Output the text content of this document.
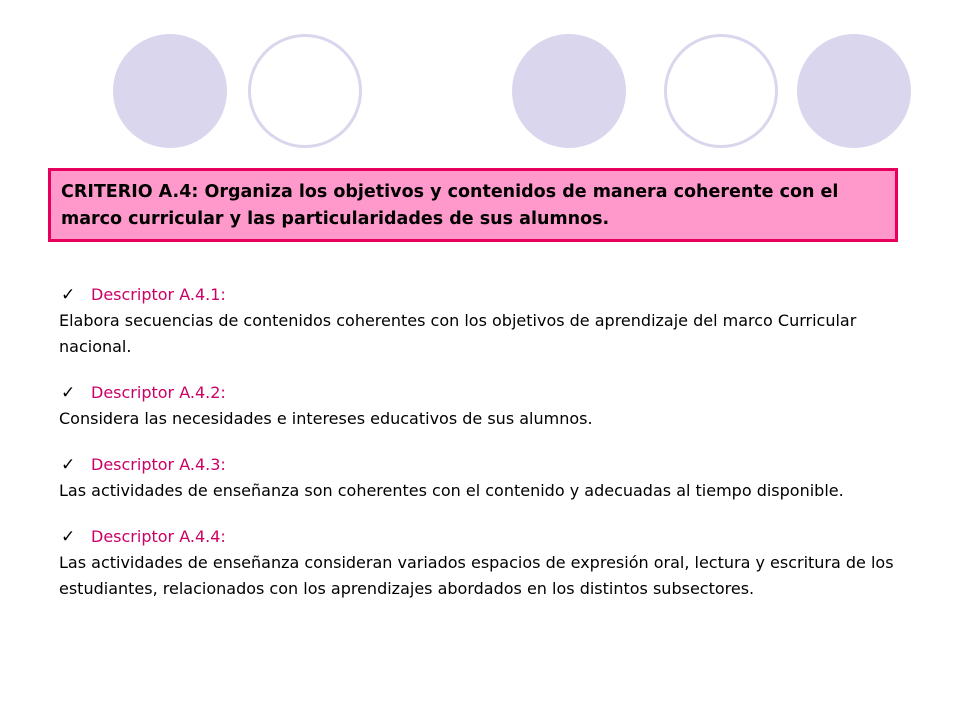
CRITERIO A.4: Organiza los objetivos y contenidos de manera coherente con el marco curricular y las particularidades de sus alumnos.

✓ Descriptor A.4.1:

Elabora secuencias de contenidos coherentes con los objetivos de aprendizaje del marco Curricular nacional.

✓ Descriptor A.4.2:

Considera las necesidades e intereses educativos de sus alumnos.

✓ Descriptor A.4.3:

Las actividades de enseñanza son coherentes con el contenido y adecuadas al tiempo disponible.

✓ Descriptor A.4.4:

Las actividades de enseñanza consideran variados espacios de expresión oral, lectura y escritura de los estudiantes, relacionados con los aprendizajes abordados en los distintos subsectores.
